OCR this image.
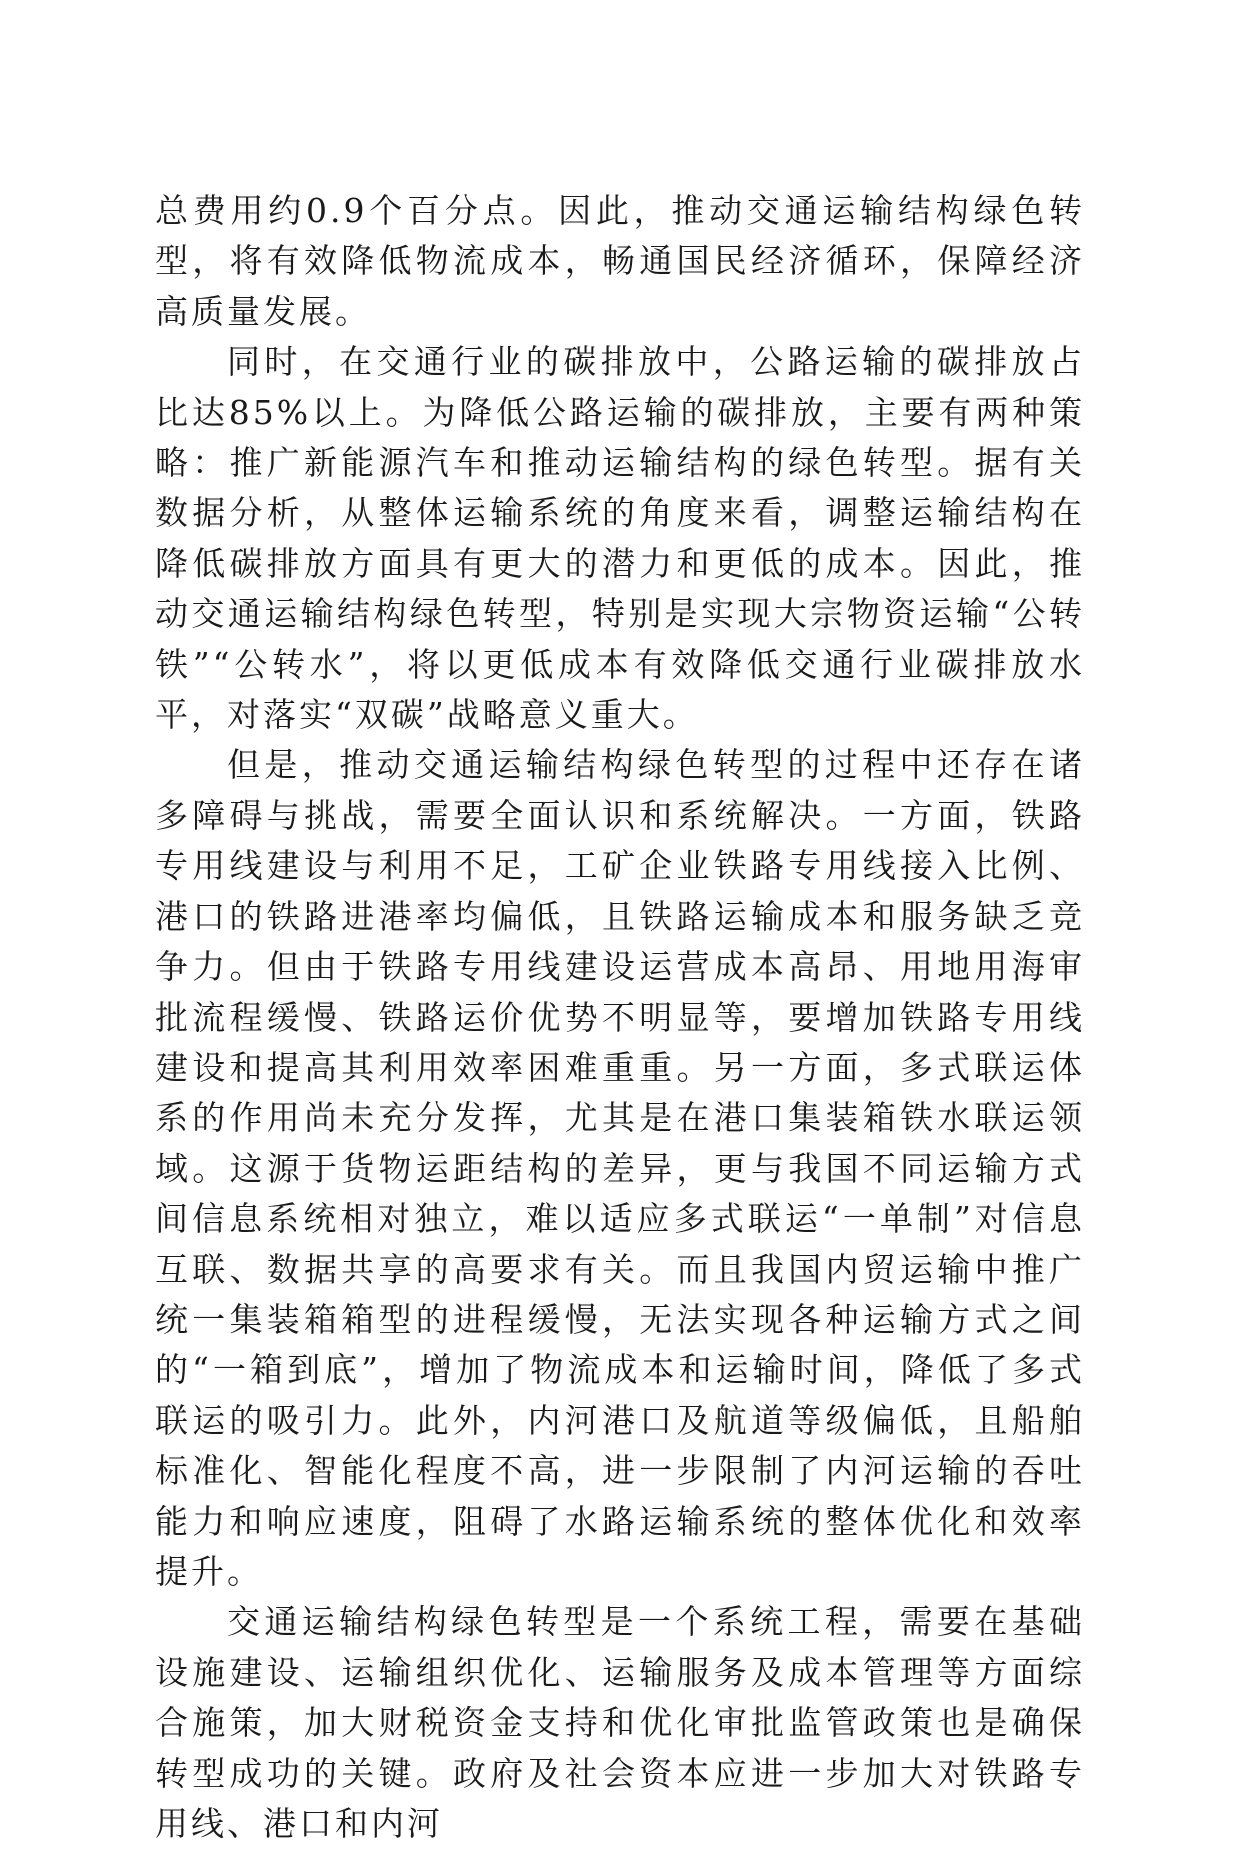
总费用约0.9个百分点。因此，推动交通运输结构绿色转型，将有效降低物流成本，畅通国民经济循环，保障经济高质量发展。

同时，在交通行业的碳排放中，公路运输的碳排放占比达85%以上。为降低公路运输的碳排放，主要有两种策略：推广新能源汽车和推动运输结构的绿色转型。据有关数据分析，从整体运输系统的角度来看，调整运输结构在降低碳排放方面具有更大的潜力和更低的成本。因此，推动交通运输结构绿色转型，特别是实现大宗物资运输“公转铁”“公转水”，将以更低成本有效降低交通行业碳排放水平，对落实“双碳”战略意义重大。

但是，推动交通运输结构绿色转型的过程中还存在诸多障碍与挑战，需要全面认识和系统解决。一方面，铁路专用线建设与利用不足，工矿企业铁路专用线接入比例、港口的铁路进港率均偏低，且铁路运输成本和服务缺乏竞争力。但由于铁路专用线建设运营成本高昂、用地用海审批流程缓慢、铁路运价优势不明显等，要增加铁路专用线建设和提高其利用效率困难重重。另一方面，多式联运体系的作用尚未充分发挥，尤其是在港口集装箱铁水联运领域。这源于货物运距结构的差异，更与我国不同运输方式间信息系统相对独立，难以适应多式联运“一单制”对信息互联、数据共享的高要求有关。而且我国内贸运输中推广统一集装箱箱型的进程缓慢，无法实现各种运输方式之间的“一箱到底”，增加了物流成本和运输时间，降低了多式联运的吸引力。此外，内河港口及航道等级偏低，且船舶标准化、智能化程度不高，进一步限制了内河运输的吞吐能力和响应速度，阻碍了水路运输系统的整体优化和效率提升。

交通运输结构绿色转型是一个系统工程，需要在基础设施建设、运输组织优化、运输服务及成本管理等方面综合施策，加大财税资金支持和优化审批监管政策也是确保转型成功的关键。政府及社会资本应进一步加大对铁路专用线、港口和内河
